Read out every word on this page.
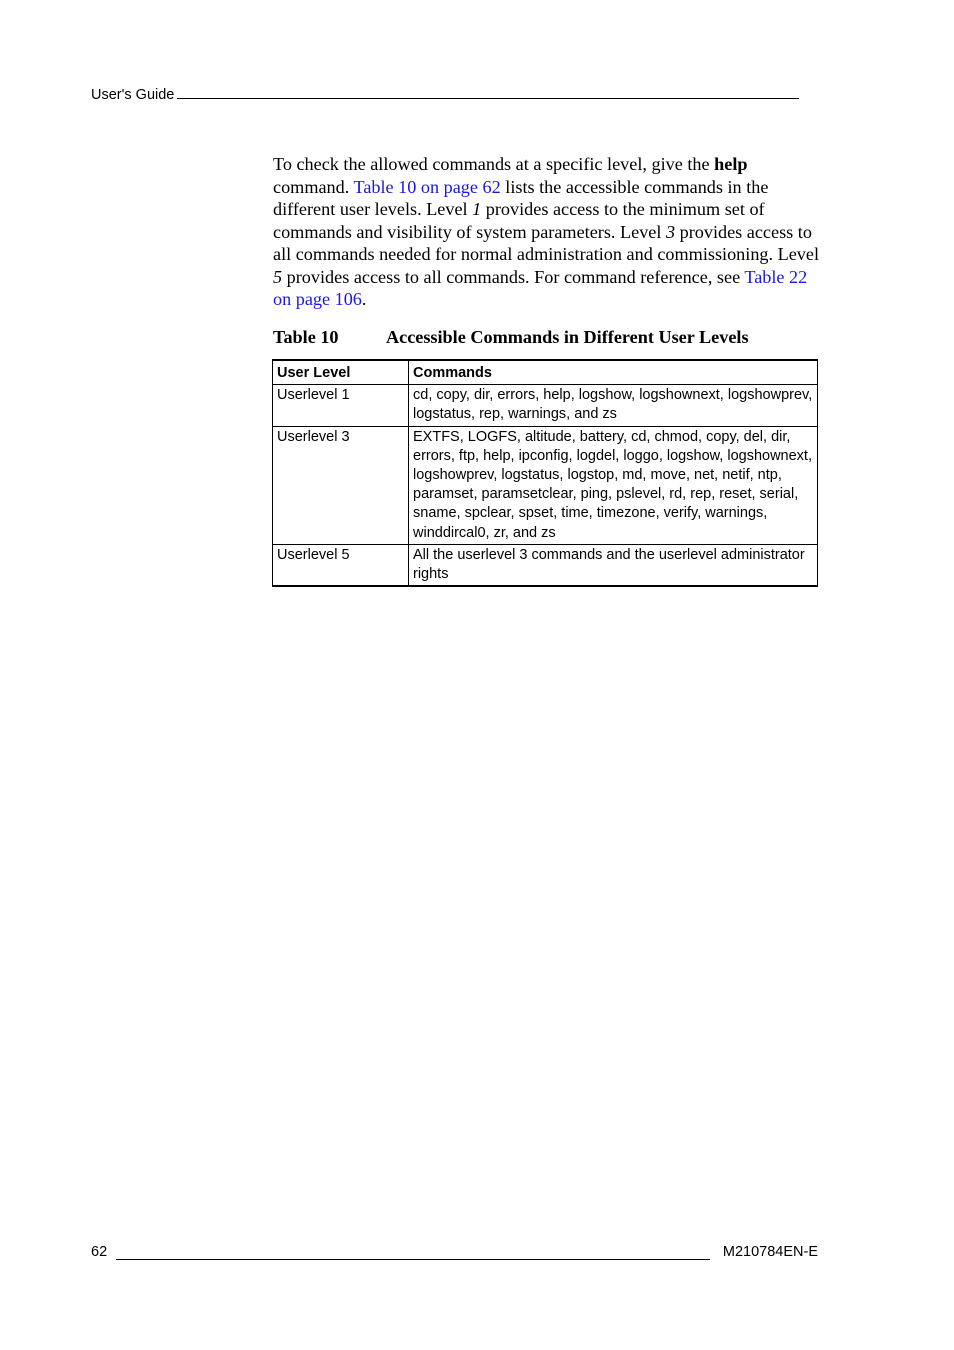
User's Guide

To check the allowed commands at a specific level, give the help command. Table 10 on page 62 lists the accessible commands in the different user levels. Level 1 provides access to the minimum set of commands and visibility of system parameters. Level 3 provides access to all commands needed for normal administration and commissioning. Level 5 provides access to all commands. For command reference, see Table 22 on page 106.

Table 10	Accessible Commands in Different User Levels
User Level	Commands
Userlevel 1	cd, copy, dir, errors, help, logshow, logshownext, logshowprev, logstatus, rep, warnings, and zs
Userlevel 3	EXTFS, LOGFS, altitude, battery, cd, chmod, copy, del, dir, errors, ftp, help, ipconfig, logdel, loggo, logshow, logshownext, logshowprev, logstatus, logstop, md, move, net, netif, ntp, paramset, paramsetclear, ping, pslevel, rd, rep, reset, serial, sname, spclear, spset, time, timezone, verify, warnings, winddircal0, zr, and zs
Userlevel 5	All the userlevel 3 commands and the userlevel administrator rights
62	M210784EN-E
